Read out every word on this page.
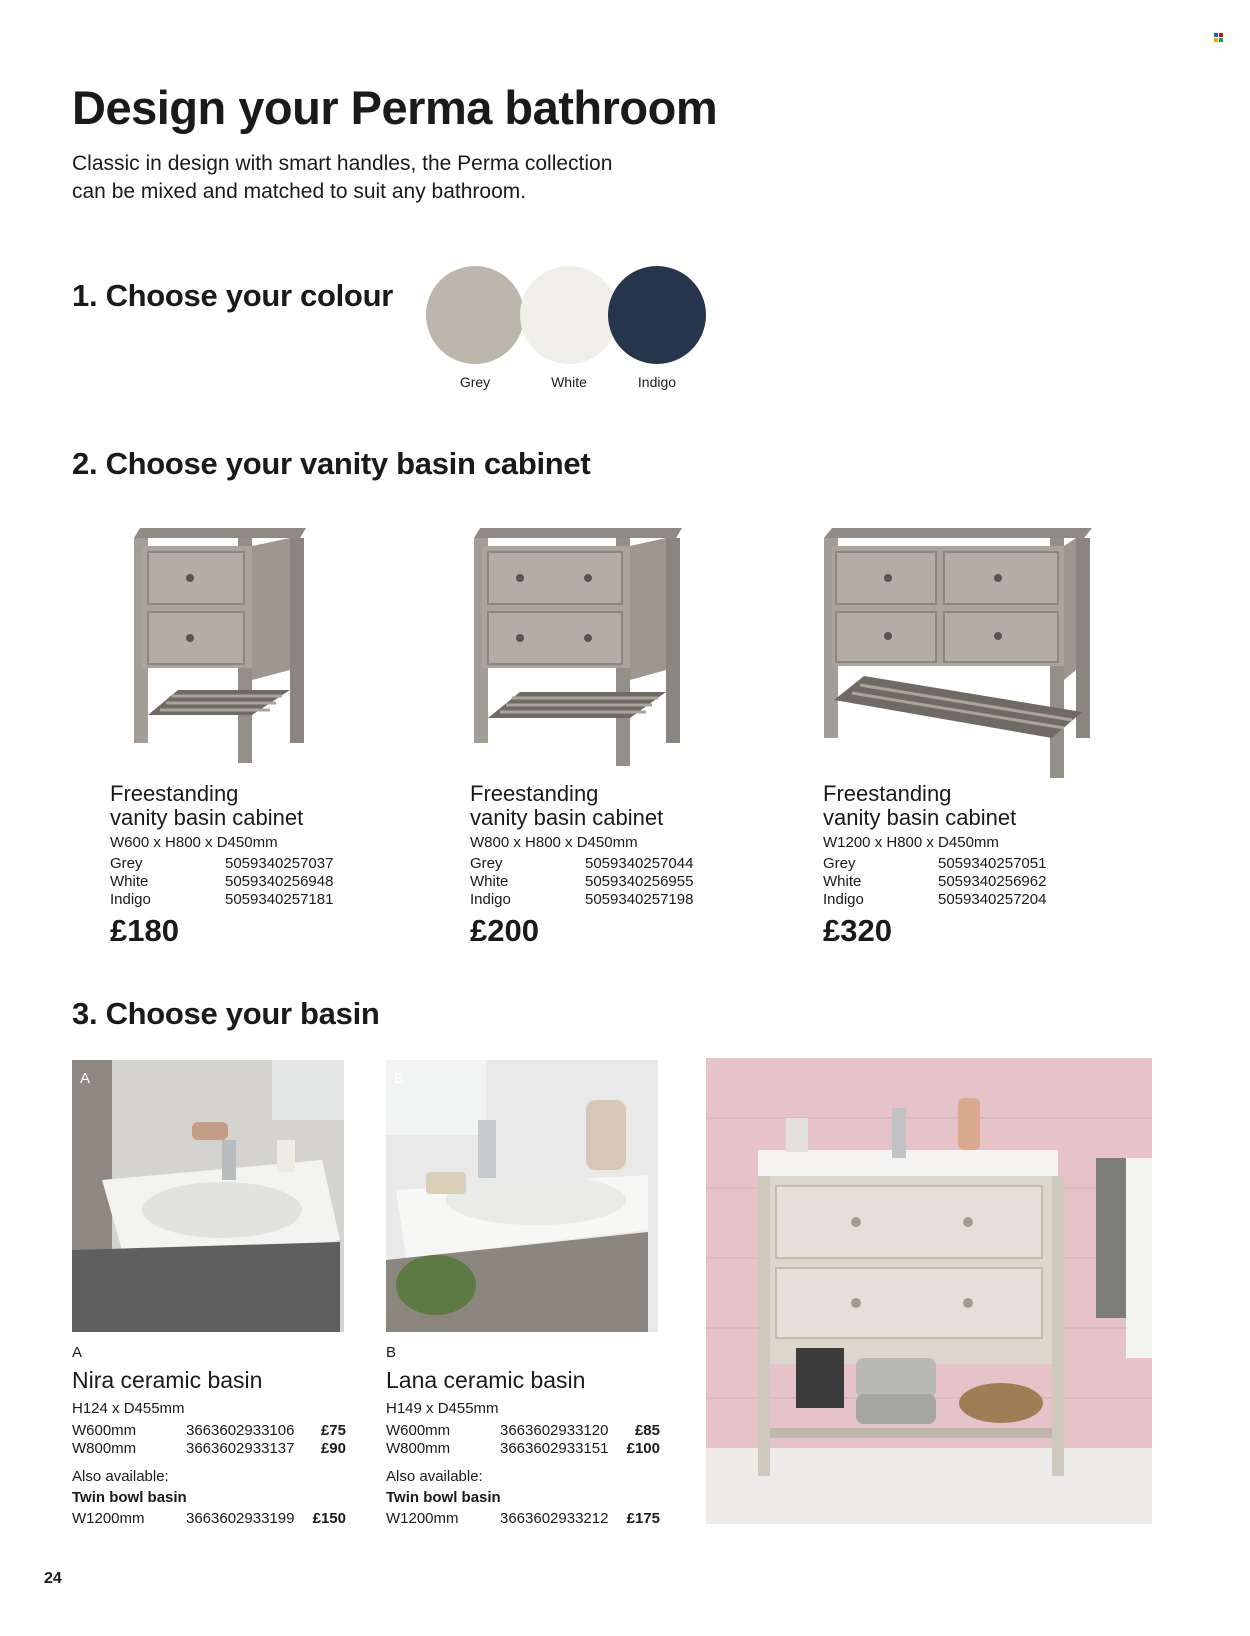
Design your Perma bathroom
Classic in design with smart handles, the Perma collection
can be mixed and matched to suit any bathroom.
1. Choose your colour
Grey	White	Indigo
2. Choose your vanity basin cabinet
Freestanding
vanity basin cabinet
W600 x H800 x D450mm
Grey	5059340257037
White	5059340256948
Indigo	5059340257181
£180
Freestanding
vanity basin cabinet
W800 x H800 x D450mm
Grey	5059340257044
White	5059340256955
Indigo	5059340257198
£200
Freestanding
vanity basin cabinet
W1200 x H800 x D450mm
Grey	5059340257051
White	5059340256962
Indigo	5059340257204
£320
3. Choose your basin
A	B
A
Nira ceramic basin
H124 x D455mm
W600mm	3663602933106	£75
W800mm	3663602933137	£90
Also available:
Twin bowl basin
W1200mm	3663602933199	£150
B
Lana ceramic basin
H149 x D455mm
W600mm	3663602933120	£85
W800mm	3663602933151	£100
Also available:
Twin bowl basin
W1200mm	3663602933212	£175
24
